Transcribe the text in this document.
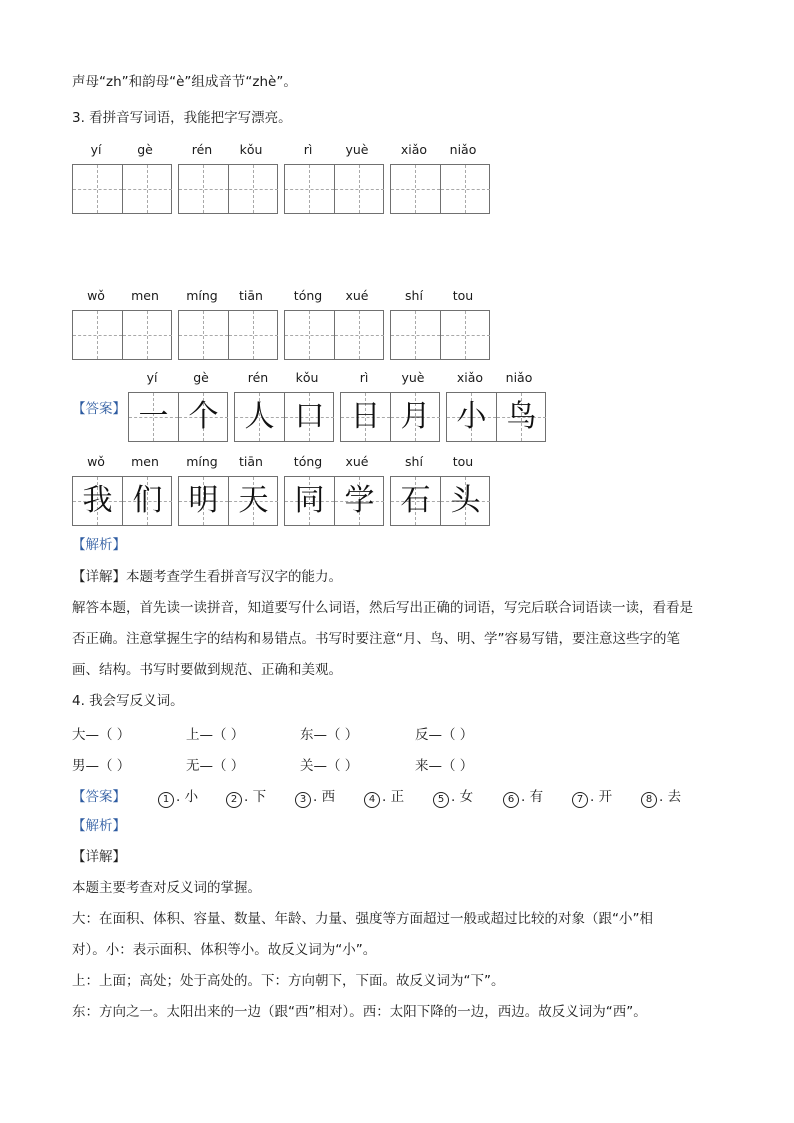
声母“zh”和韵母“è”组成音节“zhè”。
3. 看拼音写词语，我能把字写漂亮。
yí	gè	rén	kǒu	rì	yuè	xiǎo	niǎo
wǒ	men	míng	tiān	tóng	xué	shí	tou
【答案】
yí	gè
一 个
rén	kǒu
人 口
rì	yuè
日 月
xiǎo	niǎo
小 鸟
wǒ	men
我 们
míng	tiān
明 天
tóng	xué
同 学
shí	tou
石 头
【解析】
【详解】本题考查学生看拼音写汉字的能力。
解答本题，首先读一读拼音，知道要写什么词语，然后写出正确的词语，写完后联合词语读一读，看看是
否正确。注意掌握生字的结构和易错点。书写时要注意“月、鸟、明、学”容易写错，要注意这些字的笔
画、结构。书写时要做到规范、正确和美观。
4. 我会写反义词。
大—（ ）	上—（ ）	东—（ ）	反—（ ）
男—（ ）	无—（ ）	关—（ ）	来—（ ）
【答案】	1 . 小	2 . 下	3 . 西	4 . 正	5 . 女	6 . 有	7 . 开	8 . 去
【解析】
【详解】
本题主要考查对反义词的掌握。
大：在面积、体积、容量、数量、年龄、力量、强度等方面超过一般或超过比较的对象（跟“小”相
对）。小：表示面积、体积等小。故反义词为“小”。
上：上面；高处；处于高处的。下：方向朝下，下面。故反义词为“下”。
东：方向之一。太阳出来的一边（跟“西”相对）。西：太阳下降的一边，西边。故反义词为“西”。
